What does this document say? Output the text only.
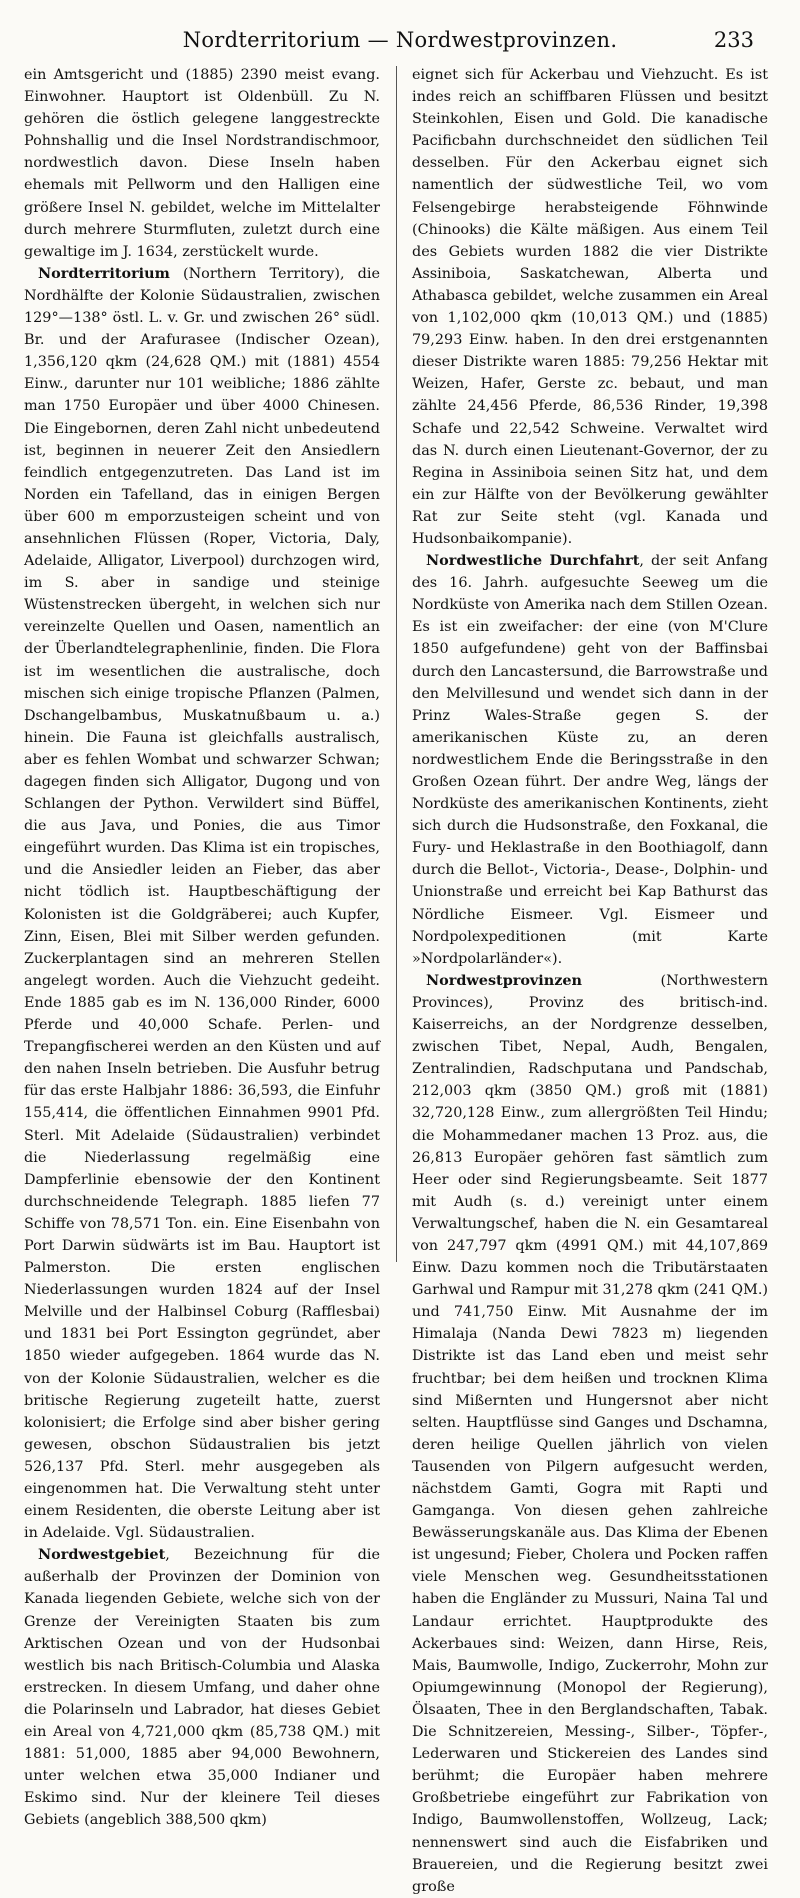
Nordterritorium — Nordwestprovinzen.	233

ein Amtsgericht und (1885) 2390 meist evang. Einwohner. Hauptort ist Oldenbüll. Zu N. gehören die östlich gelegene langgestreckte Pohnshallig und die Insel Nordstrandischmoor, nordwestlich davon. Diese Inseln haben ehemals mit Pellworm und den Halligen eine größere Insel N. gebildet, welche im Mittelalter durch mehrere Sturmfluten, zuletzt durch eine gewaltige im J. 1634, zerstückelt wurde.

Nordterritorium (Northern Territory), die Nordhälfte der Kolonie Südaustralien, zwischen 129°—138° östl. L. v. Gr. und zwischen 26° südl. Br. und der Arafurasee (Indischer Ozean), 1,356,120 qkm (24,628 QM.) mit (1881) 4554 Einw., darunter nur 101 weibliche; 1886 zählte man 1750 Europäer und über 4000 Chinesen. Die Eingebornen, deren Zahl nicht unbedeutend ist, beginnen in neuerer Zeit den Ansiedlern feindlich entgegenzutreten. Das Land ist im Norden ein Tafelland, das in einigen Bergen über 600 m emporzusteigen scheint und von ansehnlichen Flüssen (Roper, Victoria, Daly, Adelaide, Alligator, Liverpool) durchzogen wird, im S. aber in sandige und steinige Wüstenstrecken übergeht, in welchen sich nur vereinzelte Quellen und Oasen, namentlich an der Überlandtelegraphenlinie, finden. Die Flora ist im wesentlichen die australische, doch mischen sich einige tropische Pflanzen (Palmen, Dschangelbambus, Muskatnußbaum u. a.) hinein. Die Fauna ist gleichfalls australisch, aber es fehlen Wombat und schwarzer Schwan; dagegen finden sich Alligator, Dugong und von Schlangen der Python. Verwildert sind Büffel, die aus Java, und Ponies, die aus Timor eingeführt wurden. Das Klima ist ein tropisches, und die Ansiedler leiden an Fieber, das aber nicht tödlich ist. Hauptbeschäftigung der Kolonisten ist die Goldgräberei; auch Kupfer, Zinn, Eisen, Blei mit Silber werden gefunden. Zuckerplantagen sind an mehreren Stellen angelegt worden. Auch die Viehzucht gedeiht. Ende 1885 gab es im N. 136,000 Rinder, 6000 Pferde und 40,000 Schafe. Perlen- und Trepangfischerei werden an den Küsten und auf den nahen Inseln betrieben. Die Ausfuhr betrug für das erste Halbjahr 1886: 36,593, die Einfuhr 155,414, die öffentlichen Einnahmen 9901 Pfd. Sterl. Mit Adelaide (Südaustralien) verbindet die Niederlassung regelmäßig eine Dampferlinie ebensowie der den Kontinent durchschneidende Telegraph. 1885 liefen 77 Schiffe von 78,571 Ton. ein. Eine Eisenbahn von Port Darwin südwärts ist im Bau. Hauptort ist Palmerston. Die ersten englischen Niederlassungen wurden 1824 auf der Insel Melville und der Halbinsel Coburg (Rafflesbai) und 1831 bei Port Essington gegründet, aber 1850 wieder aufgegeben. 1864 wurde das N. von der Kolonie Südaustralien, welcher es die britische Regierung zugeteilt hatte, zuerst kolonisiert; die Erfolge sind aber bisher gering gewesen, obschon Südaustralien bis jetzt 526,137 Pfd. Sterl. mehr ausgegeben als eingenommen hat. Die Verwaltung steht unter einem Residenten, die oberste Leitung aber ist in Adelaide. Vgl. Südaustralien.

Nordwestgebiet, Bezeichnung für die außerhalb der Provinzen der Dominion von Kanada liegenden Gebiete, welche sich von der Grenze der Vereinigten Staaten bis zum Arktischen Ozean und von der Hudsonbai westlich bis nach Britisch-Columbia und Alaska erstrecken. In diesem Umfang, und daher ohne die Polarinseln und Labrador, hat dieses Gebiet ein Areal von 4,721,000 qkm (85,738 QM.) mit 1881: 51,000, 1885 aber 94,000 Bewohnern, unter welchen etwa 35,000 Indianer und Eskimo sind. Nur der kleinere Teil dieses Gebiets (angeblich 388,500 qkm)

eignet sich für Ackerbau und Viehzucht. Es ist indes reich an schiffbaren Flüssen und besitzt Steinkohlen, Eisen und Gold. Die kanadische Pacificbahn durchschneidet den südlichen Teil desselben. Für den Ackerbau eignet sich namentlich der südwestliche Teil, wo vom Felsengebirge herabsteigende Föhnwinde (Chinooks) die Kälte mäßigen. Aus einem Teil des Gebiets wurden 1882 die vier Distrikte Assiniboia, Saskatchewan, Alberta und Athabasca gebildet, welche zusammen ein Areal von 1,102,000 qkm (10,013 QM.) und (1885) 79,293 Einw. haben. In den drei erstgenannten dieser Distrikte waren 1885: 79,256 Hektar mit Weizen, Hafer, Gerste zc. bebaut, und man zählte 24,456 Pferde, 86,536 Rinder, 19,398 Schafe und 22,542 Schweine. Verwaltet wird das N. durch einen Lieutenant-Governor, der zu Regina in Assiniboia seinen Sitz hat, und dem ein zur Hälfte von der Bevölkerung gewählter Rat zur Seite steht (vgl. Kanada und Hudsonbaikompanie).

Nordwestliche Durchfahrt, der seit Anfang des 16. Jahrh. aufgesuchte Seeweg um die Nordküste von Amerika nach dem Stillen Ozean. Es ist ein zweifacher: der eine (von M'Clure 1850 aufgefundene) geht von der Baffinsbai durch den Lancastersund, die Barrowstraße und den Melvillesund und wendet sich dann in der Prinz Wales-Straße gegen S. der amerikanischen Küste zu, an deren nordwestlichem Ende die Beringsstraße in den Großen Ozean führt. Der andre Weg, längs der Nordküste des amerikanischen Kontinents, zieht sich durch die Hudsonstraße, den Foxkanal, die Fury- und Heklastraße in den Boothiagolf, dann durch die Bellot-, Victoria-, Dease-, Dolphin- und Unionstraße und erreicht bei Kap Bathurst das Nördliche Eismeer. Vgl. Eismeer und Nordpolexpeditionen (mit Karte »Nordpolarländer«).

Nordwestprovinzen (Northwestern Provinces), Provinz des britisch-ind. Kaiserreichs, an der Nordgrenze desselben, zwischen Tibet, Nepal, Audh, Bengalen, Zentralindien, Radschputana und Pandschab, 212,003 qkm (3850 QM.) groß mit (1881) 32,720,128 Einw., zum allergrößten Teil Hindu; die Mohammedaner machen 13 Proz. aus, die 26,813 Europäer gehören fast sämtlich zum Heer oder sind Regierungsbeamte. Seit 1877 mit Audh (s. d.) vereinigt unter einem Verwaltungschef, haben die N. ein Gesamtareal von 247,797 qkm (4991 QM.) mit 44,107,869 Einw. Dazu kommen noch die Tributärstaaten Garhwal und Rampur mit 31,278 qkm (241 QM.) und 741,750 Einw. Mit Ausnahme der im Himalaja (Nanda Dewi 7823 m) liegenden Distrikte ist das Land eben und meist sehr fruchtbar; bei dem heißen und trocknen Klima sind Mißernten und Hungersnot aber nicht selten. Hauptflüsse sind Ganges und Dschamna, deren heilige Quellen jährlich von vielen Tausenden von Pilgern aufgesucht werden, nächstdem Gamti, Gogra mit Rapti und Gamganga. Von diesen gehen zahlreiche Bewässerungskanäle aus. Das Klima der Ebenen ist ungesund; Fieber, Cholera und Pocken raffen viele Menschen weg. Gesundheitsstationen haben die Engländer zu Mussuri, Naina Tal und Landaur errichtet. Hauptprodukte des Ackerbaues sind: Weizen, dann Hirse, Reis, Mais, Baumwolle, Indigo, Zuckerrohr, Mohn zur Opiumgewinnung (Monopol der Regierung), Ölsaaten, Thee in den Berglandschaften, Tabak. Die Schnitzereien, Messing-, Silber-, Töpfer-, Lederwaren und Stickereien des Landes sind berühmt; die Europäer haben mehrere Großbetriebe eingeführt zur Fabrikation von Indigo, Baumwollenstoffen, Wollzeug, Lack; nennenswert sind auch die Eisfabriken und Brauereien, und die Regierung besitzt zwei große
